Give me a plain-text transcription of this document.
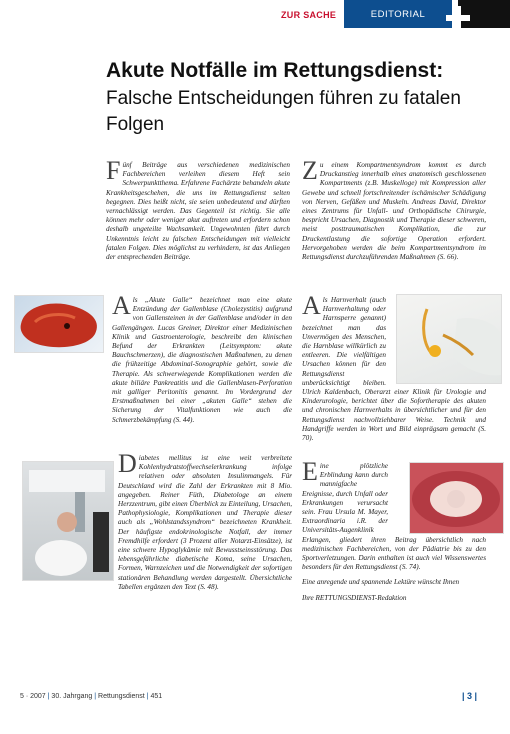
ZUR SACHE	EDITORIAL
Akute Notfälle im Rettungsdienst:
Falsche Entscheidungen führen zu fatalen Folgen
Fünf Beiträge aus verschiedenen medizinischen Fachbereichen verleihen diesem Heft sein Schwerpunktthema. Erfahrene Fachärzte behandeln akute Krankheitsgeschehen, die uns im Rettungsdienst selten begegnen. Dies heißt nicht, sie seien unbedeutend und dürften vernachlässigt werden. Das Gegenteil ist richtig. Sie alle können mehr oder weniger akut auftreten und erfordern schon deshalb ungeteilte Wachsamkeit. Ungewohnten führt durch Unkenntnis leicht zu falschen Entscheidungen mit vielleicht fatalen Folgen. Dies möglichst zu verhindern, ist das Anliegen der entsprechenden Beiträge.
Zu einem Kompartmentsyndrom kommt es durch Druckanstieg innerhalb eines anatomisch geschlossenen Kompartments (z.B. Muskelloge) mit Kompression aller Gewebe und schnell fortschreitender ischämischer Schädigung von Nerven, Gefäßen und Muskeln. Andreas David, Direktor eines Zentrums für Unfall- und Orthopädische Chirurgie, bespricht Ursachen, Diagnostik und Therapie dieser schweren, meist posttraumatischen Komplikation, die zur Druckentlastung die sofortige Operation erfordert. Hervorgehoben werden die beim Kompartmentsyndrom im Rettungsdienst durchzuführenden Maßnahmen (S. 66).
Als „Akute Galle“ bezeichnet man eine akute Entzündung der Gallenblase (Cholezystitis) aufgrund von Gallensteinen in der Gallenblase und/oder in den Gallengängen. Lucas Greiner, Direktor einer Medizinischen Klinik und Gastroenterologie, beschreibt den klinischen Befund der Erkrankten (Leitsymptom: akute Bauchschmerzen), die diagnostischen Maßnahmen, zu denen die frühzeitige Abdominal-Sonographie gehört, sowie die Therapie. Als schwerwiegende Komplikationen werden die akute biliäre Pankreatitis und die Gallenblasen-Perforation mit galliger Peritonitis genannt. Im Vordergrund der Erstmaßnahmen bei einer „akuten Galle“ stehen die Sicherung der Vitalfunktionen wie auch die Schmerzbekämpfung (S. 44).
Als Harnverhalt (auch Harnverhaltung oder Harnsperre genannt) bezeichnet man das Unvermögen des Menschen, die Harnblase willkürlich zu entleeren. Die vielfältigen Ursachen können für den Rettungsdienst unberücksichtigt bleiben. Ulrich Kaldenbach, Oberarzt einer Klinik für Urologie und Kinderurologie, berichtet über die Sofortherapie des akuten und chronischen Harnverhalts in übersichtlicher und für den Rettungsdienst nachvollziehbarer Weise. Technik und Handgriffe werden in Wort und Bild einprägsam gemacht (S. 70).
Diabetes mellitus ist eine weit verbreitete Kohlenhydratstoffwechselerkrankung infolge relativen oder absoluten Insulinmangels. Für Deutschland wird die Zahl der Erkrankten mit 8 Mio. angegeben. Reiner Füth, Diabetologe an einem Herzzentrum, gibt einen Überblick zu Einteilung, Ursachen, Pathophysiologie, Komplikationen und Therapie dieser auch als „Wohlstandssyndrom“ bezeichneten Krankheit. Der häufigste endokrinologische Notfall, der immer Fremdhilfe erfordert (3 Prozent aller Notarzt-Einsätze), ist eine schwere Hypoglykämie mit Bewusstseinsstörung. Das lebensgefährliche diabetische Koma, seine Ursachen, Formen, Warnzeichen und die Notwendigkeit der sofortigen stationären Behandlung werden dargestellt. Übersichtliche Tabellen ergänzen den Text (S. 48).
Eine plötzliche Erblindung kann durch mannigfache Ereignisse, durch Unfall oder Erkrankungen verursacht sein. Frau Ursula M. Mayer, Extraordinaria i.R. der Universitäts-Augenklinik Erlangen, gliedert ihren Beitrag übersichtlich nach medizinischen Fachbereichen, von der Pädiatrie bis zu den Sportverletzungen. Darin enthalten ist auch viel Wissenswertes besonders für den Rettungsdienst (S. 74).
Eine anregende und spannende Lektüre wünscht Ihnen
Ihre RETTUNGSDIENST-Redaktion
5 · 2007 | 30. Jahrgang | Rettungsdienst | 451	| 3 |
